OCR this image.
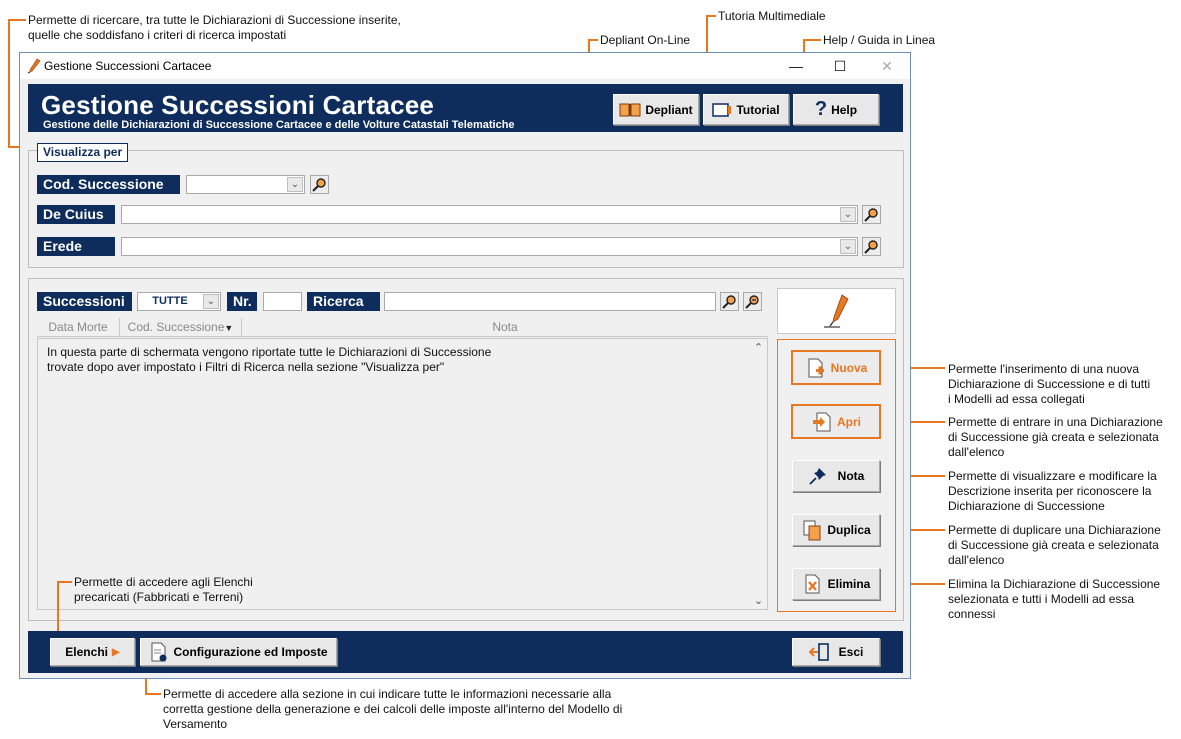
Permette di ricercare, tra tutte le Dichiarazioni di Successione inserite,
quelle che soddisfano i criteri di ricerca impostati
Tutoria Multimediale
Depliant On-Line	Help / Guida in Linea
Permette l'inserimento di una nuova
Dichiarazione di Successione e di tutti
i Modelli ad essa collegati
Permette di entrare in una Dichiarazione
di Successione già creata e selezionata
dall'elenco
Permette di visualizzare e modificare la
Descrizione inserita per riconoscere la
Dichiarazione di Successione
Permette di duplicare una Dichiarazione
di Successione già creata e selezionata
dall'elenco
Elimina la Dichiarazione di Successione
selezionata e tutti i Modelli ad essa
connessi
Permette di accedere alla sezione in cui indicare tutte le informazioni necessarie alla
corretta gestione della generazione e dei calcoli delle imposte all'interno del Modello di
Versamento
Gestione Successioni Cartacee	—	☐	✕
Gestione Successioni Cartacee
Gestione delle Dichiarazioni di Successione Cartacee e delle Volture Catastali Telematiche
Depliant	Tutorial ? Help
Visualizza per
Cod. Successione	⌄
De Cuius	⌄
Erede	⌄
Successioni	TUTTE	⌄	Nr.	Ricerca
Data Morte	Cod. Successione▼	Nota
In questa parte di schermata vengono riportate tutte le Dichiarazioni di Successione
trovate dopo aver impostato i Filtri di Ricerca nella sezione "Visualizza per"
⌃
⌄
Permette di accedere agli Elenchi
precaricati (Fabbricati e Terreni)
Nuova
Apri
Nota
Duplica
Elimina
Elenchi ▶	Configurazione ed Imposte	Esci
